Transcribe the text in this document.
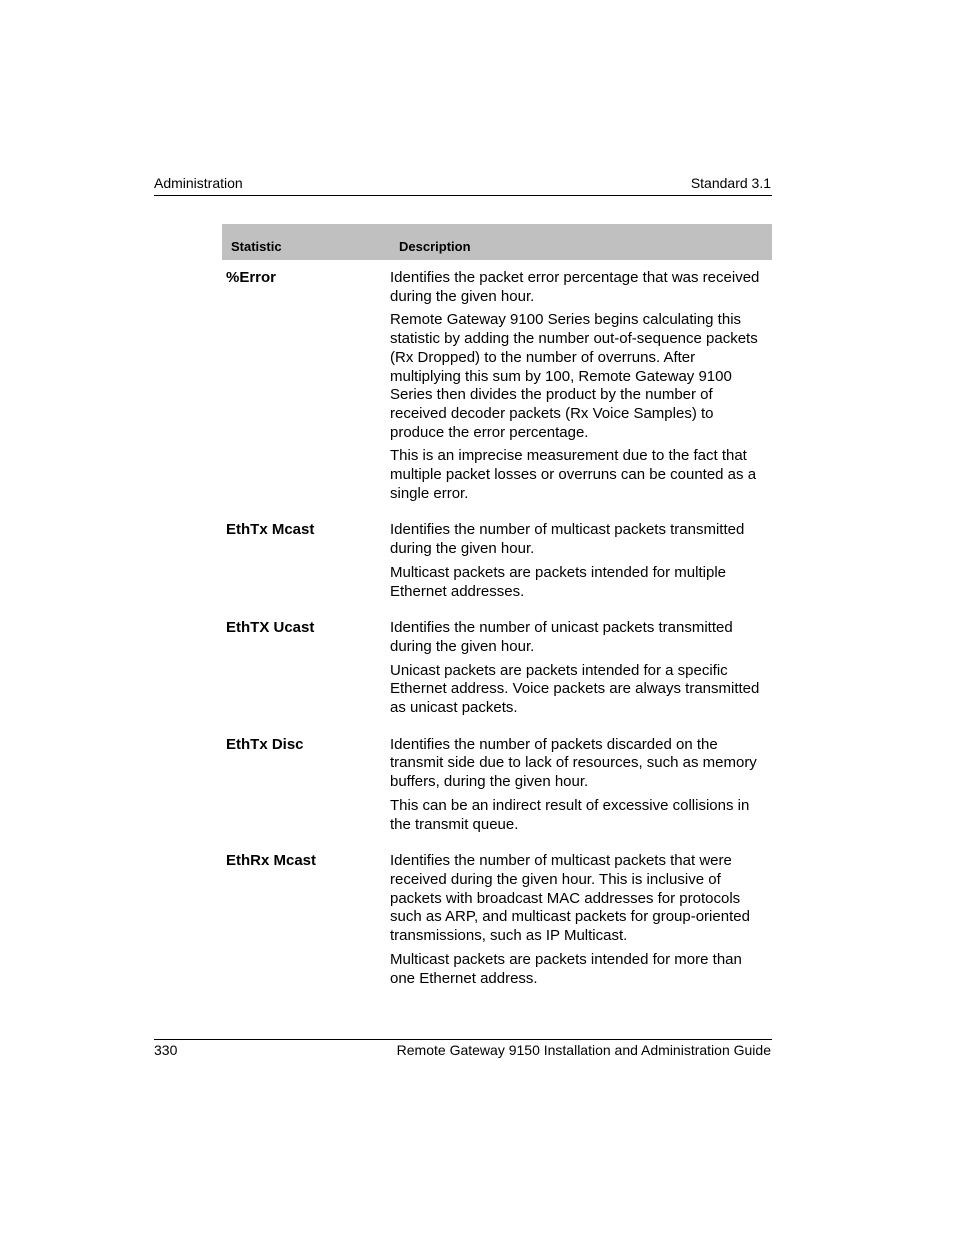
Administration	Standard 3.1
Statistic	Description
%Error	Identifies the packet error percentage that was received during the given hour.

Remote Gateway 9100 Series begins calculating this statistic by adding the number out-of-sequence packets (Rx Dropped) to the number of overruns. After multiplying this sum by 100, Remote Gateway 9100 Series then divides the product by the number of received decoder packets (Rx Voice Samples) to produce the error percentage.

This is an imprecise measurement due to the fact that multiple packet losses or overruns can be counted as a single error.

EthTx Mcast	Identifies the number of multicast packets transmitted during the given hour.

Multicast packets are packets intended for multiple Ethernet addresses.

EthTX Ucast	Identifies the number of unicast packets transmitted during the given hour.

Unicast packets are packets intended for a specific Ethernet address. Voice packets are always transmitted as unicast packets.

EthTx Disc	Identifies the number of packets discarded on the transmit side due to lack of resources, such as memory buffers, during the given hour.

This can be an indirect result of excessive collisions in the transmit queue.

EthRx Mcast	Identifies the number of multicast packets that were received during the given hour. This is inclusive of packets with broadcast MAC addresses for protocols such as ARP, and multicast packets for group-oriented transmissions, such as IP Multicast.

Multicast packets are packets intended for more than one Ethernet address.

330	Remote Gateway 9150 Installation and Administration Guide
